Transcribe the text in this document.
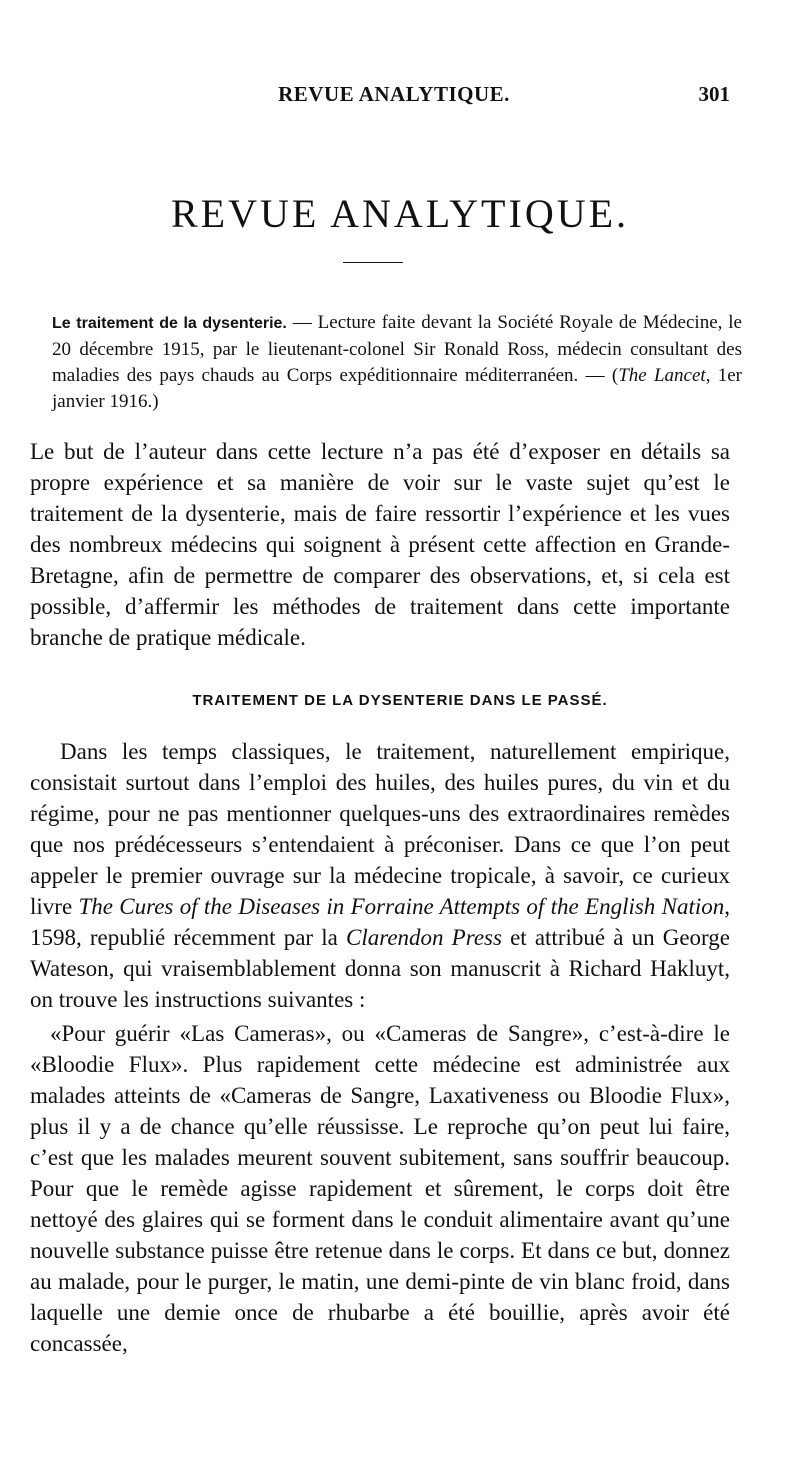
REVUE ANALYTIQUE.	301
REVUE ANALYTIQUE.
Le traitement de la dysenterie. — Lecture faite devant la Société Royale de Médecine, le 20 décembre 1915, par le lieutenant-colonel Sir Ronald Ross, médecin consultant des maladies des pays chauds au Corps expéditionnaire méditerranéen. — (The Lancet, 1er janvier 1916.)
Le but de l’auteur dans cette lecture n’a pas été d’exposer en détails sa propre expérience et sa manière de voir sur le vaste sujet qu’est le traitement de la dysenterie, mais de faire ressortir l’expérience et les vues des nombreux médecins qui soignent à présent cette affection en Grande-Bretagne, afin de permettre de comparer des observations, et, si cela est possible, d’affermir les méthodes de traitement dans cette importante branche de pratique médicale.
TRAITEMENT DE LA DYSENTERIE DANS LE PASSÉ.
Dans les temps classiques, le traitement, naturellement empirique, consistait surtout dans l’emploi des huiles, des huiles pures, du vin et du régime, pour ne pas mentionner quelques-uns des extraordinaires remèdes que nos prédécesseurs s’entendaient à préconiser. Dans ce que l’on peut appeler le premier ouvrage sur la médecine tropicale, à savoir, ce curieux livre The Cures of the Diseases in Forraine Attempts of the English Nation, 1598, republié récemment par la Clarendon Press et attribué à un George Wateson, qui vraisemblablement donna son manuscrit à Richard Hakluyt, on trouve les instructions suivantes :
«Pour guérir «Las Cameras», ou «Cameras de Sangre», c’est-à-dire le «Bloodie Flux». Plus rapidement cette médecine est administrée aux malades atteints de «Cameras de Sangre, Laxativeness ou Bloodie Flux», plus il y a de chance qu’elle réussisse. Le reproche qu’on peut lui faire, c’est que les malades meurent souvent subitement, sans souffrir beaucoup. Pour que le remède agisse rapidement et sûrement, le corps doit être nettoyé des glaires qui se forment dans le conduit alimentaire avant qu’une nouvelle substance puisse être retenue dans le corps. Et dans ce but, donnez au malade, pour le purger, le matin, une demi-pinte de vin blanc froid, dans laquelle une demie once de rhubarbe a été bouillie, après avoir été concassée,
